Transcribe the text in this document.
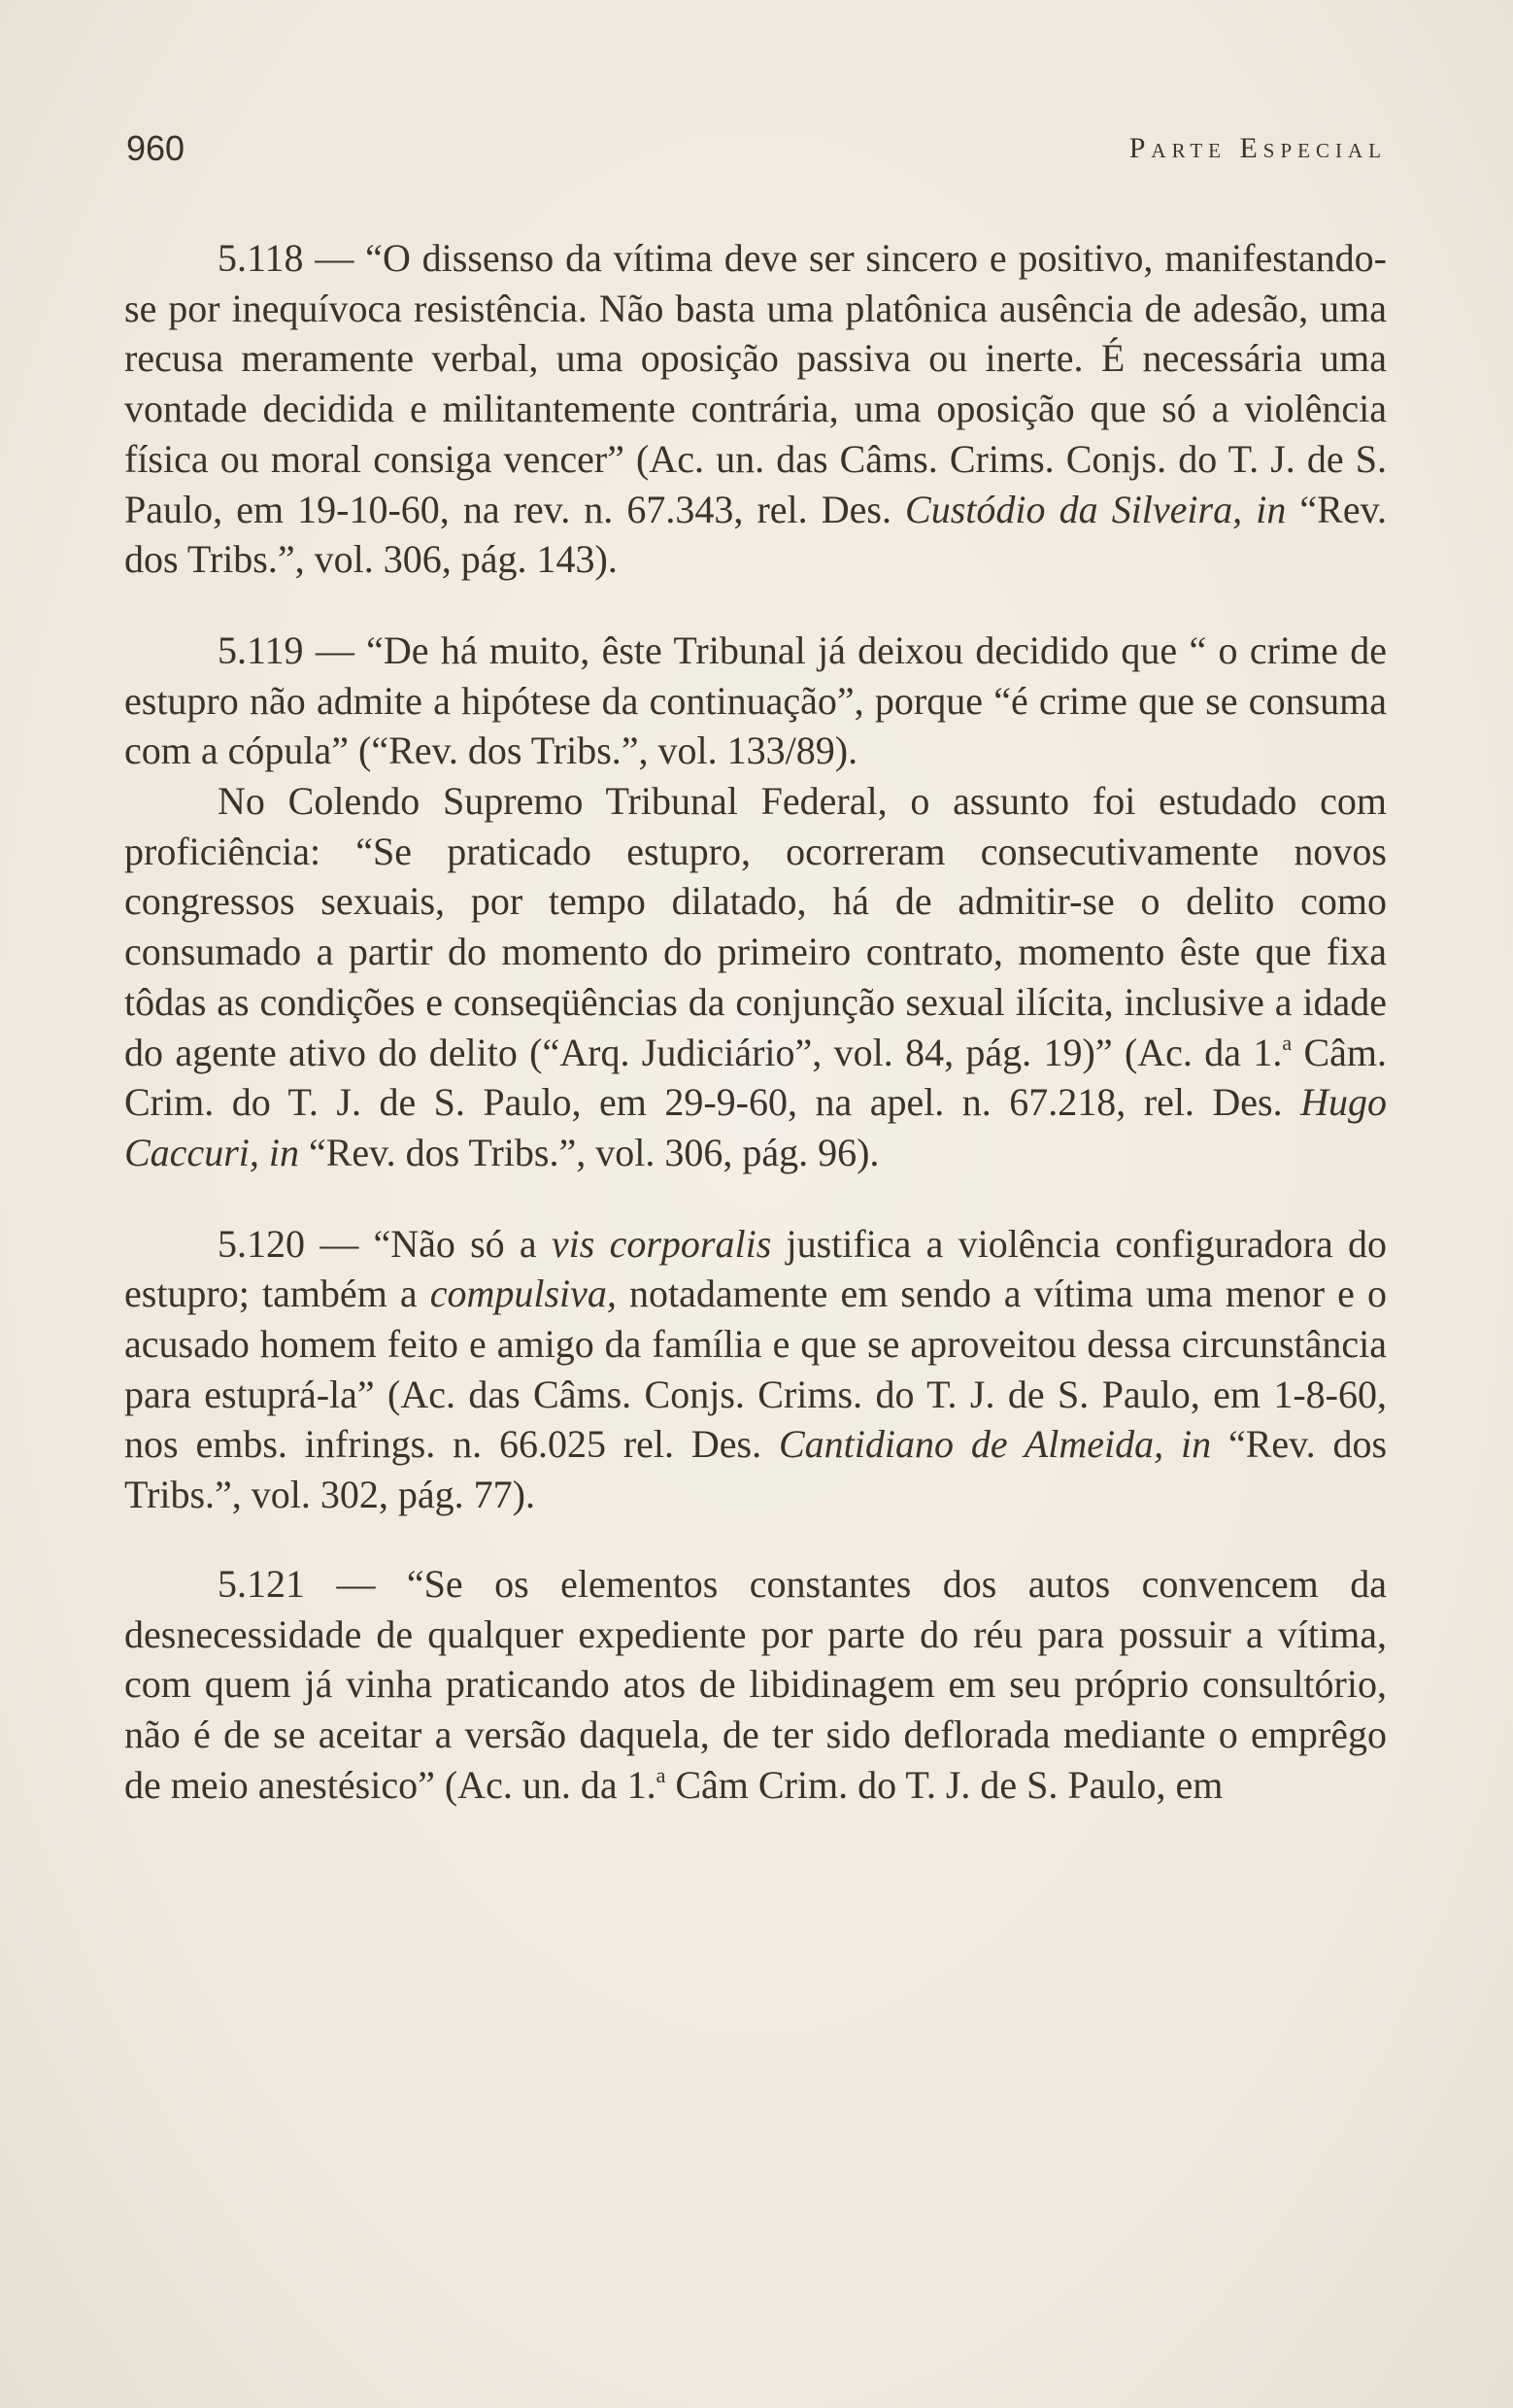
960	Parte Especial

5.118 — “O dissenso da vítima deve ser sincero e positivo, manifestando-se por inequívoca resistência. Não basta uma platônica ausência de adesão, uma recusa meramente verbal, uma oposição passiva ou inerte. É necessária uma vontade decidida e militantemente contrária, uma oposição que só a violência física ou moral consiga vencer” (Ac. un. das Câms. Crims. Conjs. do T. J. de S. Paulo, em 19-10-60, na rev. n. 67.343, rel. Des. Custódio da Silveira, in “Rev. dos Tribs.”, vol. 306, pág. 143).

5.119 — “De há muito, êste Tribunal já deixou decidido que “ o crime de estupro não admite a hipótese da continuação”, porque “é crime que se consuma com a cópula” (“Rev. dos Tribs.”, vol. 133/89).

No Colendo Supremo Tribunal Federal, o assunto foi estudado com proficiência: “Se praticado estupro, ocorreram consecutivamente novos congressos sexuais, por tempo dilatado, há de admitir-se o delito como consumado a partir do momento do primeiro contrato, momento êste que fixa tôdas as condições e conseqüências da conjunção sexual ilícita, inclusive a idade do agente ativo do delito (“Arq. Judiciário”, vol. 84, pág. 19)” (Ac. da 1.$^a$ Câm. Crim. do T. J. de S. Paulo, em 29-9-60, na apel. n. 67.218, rel. Des. Hugo Caccuri, in “Rev. dos Tribs.”, vol. 306, pág. 96).

5.120 — “Não só a vis corporalis justifica a violência configuradora do estupro; também a compulsiva, notadamente em sendo a vítima uma menor e o acusado homem feito e amigo da família e que se aproveitou dessa circunstância para estuprá-la” (Ac. das Câms. Conjs. Crims. do T. J. de S. Paulo, em 1-8-60, nos embs. infrings. n. 66.025 rel. Des. Cantidiano de Almeida, in “Rev. dos Tribs.”, vol. 302, pág. 77).

5.121 — “Se os elementos constantes dos autos convencem da desnecessidade de qualquer expediente por parte do réu para possuir a vítima, com quem já vinha praticando atos de libidinagem em seu próprio consultório, não é de se aceitar a versão daquela, de ter sido deflorada mediante o emprêgo de meio anestésico” (Ac. un. da 1.$^a$ Câm Crim. do T. J. de S. Paulo, em
